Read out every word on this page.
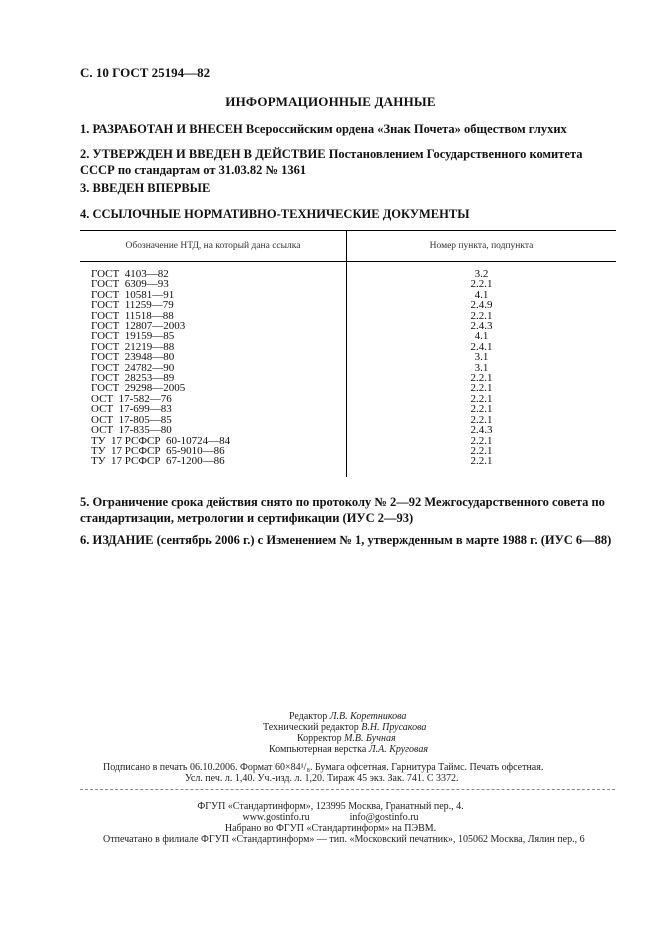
С. 10 ГОСТ 25194—82
ИНФОРМАЦИОННЫЕ ДАННЫЕ
1. РАЗРАБОТАН И ВНЕСЕН Всероссийским ордена «Знак Почета» обществом глухих
2. УТВЕРЖДЕН И ВВЕДЕН В ДЕЙСТВИЕ Постановлением Государственного комитета СССР по стандартам от 31.03.82 № 1361
3. ВВЕДЕН ВПЕРВЫЕ
4. ССЫЛОЧНЫЕ НОРМАТИВНО-ТЕХНИЧЕСКИЕ ДОКУМЕНТЫ
Обозначение НТД, на который дана ссылка	Номер пункта, подпункта

ГОСТ  4103—82	3.2
ГОСТ  6309—93	2.2.1
ГОСТ  10581—91	4.1
ГОСТ  11259—79	2.4.9
ГОСТ  11518—88	2.2.1
ГОСТ  12807—2003	2.4.3
ГОСТ  19159—85	4.1
ГОСТ  21219—88	2.4.1
ГОСТ  23948—80	3.1
ГОСТ  24782—90	3.1
ГОСТ  28253—89	2.2.1
ГОСТ  29298—2005	2.2.1
ОСТ  17-582—76	2.2.1
ОСТ  17-699—83	2.2.1
ОСТ  17-805—85	2.2.1
ОСТ  17-835—80	2.4.3
ТУ  17 РСФСР  60-10724—84	2.2.1
ТУ  17 РСФСР  65-9010—86	2.2.1
ТУ  17 РСФСР  67-1200—86	2.2.1

5. Ограничение срока действия снято по протоколу № 2—92 Межгосударственного совета по стандартизации, метрологии и сертификации (ИУС 2—93)
6. ИЗДАНИЕ (сентябрь 2006 г.) с Изменением № 1, утвержденным в марте 1988 г. (ИУС 6—88)
Редактор Л.В. Коретникова
Технический редактор В.Н. Прусакова
Корректор М.В. Бучная
Компьютерная верстка Л.А. Круговая
Подписано в печать 06.10.2006. Формат 60×84¹/₈. Бумага офсетная. Гарнитура Таймс. Печать офсетная.
Усл. печ. л. 1,40. Уч.-изд. л. 1,20. Тираж 45 экз. Зак. 741. С 3372.
ФГУП «Стандартинформ», 123995 Москва, Гранатный пер., 4.
www.gostinfo.ru                info@gostinfo.ru
Набрано во ФГУП «Стандартинформ» на ПЭВМ.
Отпечатано в филиале ФГУП «Стандартинформ» — тип. «Московский печатник», 105062 Москва, Лялин пер., 6
